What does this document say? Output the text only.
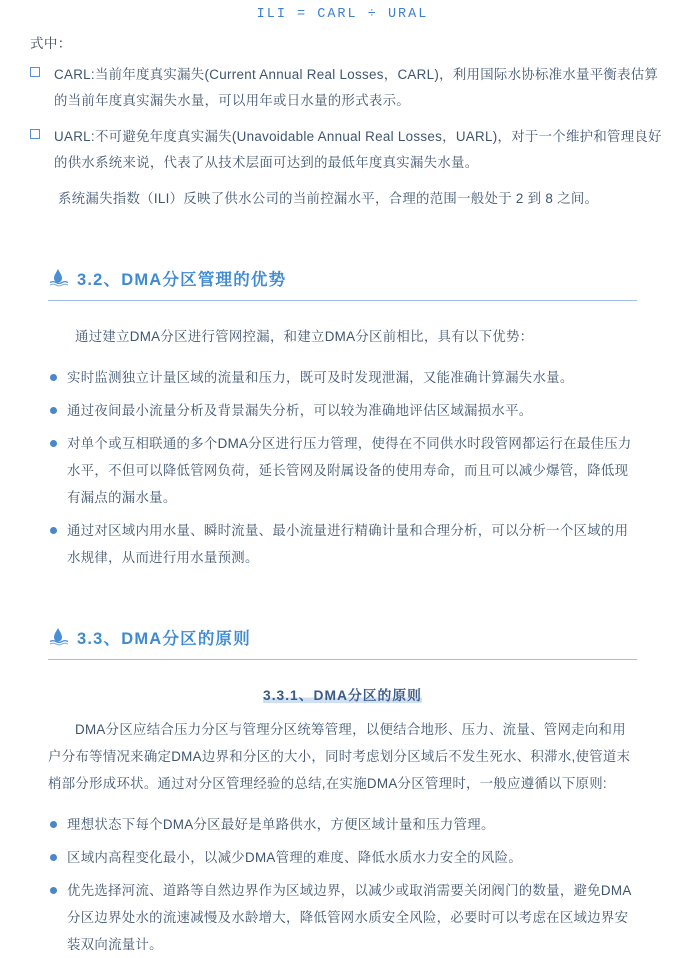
ILI = CARL ÷ URAL
式中：
CARL:当前年度真实漏失(Current Annual Real Losses，CARL)，利用国际水协标准水量平衡表估算的当前年度真实漏失水量，可以用年或日水量的形式表示。
UARL:不可避免年度真实漏失(Unavoidable Annual Real Losses，UARL)，对于一个维护和管理良好的供水系统来说，代表了从技术层面可达到的最低年度真实漏失水量。
系统漏失指数（ILI）反映了供水公司的当前控漏水平，合理的范围一般处于 2 到 8 之间。
3.2、DMA分区管理的优势
通过建立DMA分区进行管网控漏，和建立DMA分区前相比，具有以下优势：
实时监测独立计量区域的流量和压力，既可及时发现泄漏，又能准确计算漏失水量。
通过夜间最小流量分析及背景漏失分析，可以较为准确地评估区域漏损水平。
对单个或互相联通的多个DMA分区进行压力管理，使得在不同供水时段管网都运行在最佳压力水平，不但可以降低管网负荷，延长管网及附属设备的使用寿命，而且可以减少爆管，降低现有漏点的漏水量。
通过对区域内用水量、瞬时流量、最小流量进行精确计量和合理分析，可以分析一个区域的用水规律，从而进行用水量预测。
3.3、DMA分区的原则
3.3.1、DMA分区的原则
DMA分区应结合压力分区与管理分区统筹管理，以便结合地形、压力、流量、管网走向和用户分布等情况来确定DMA边界和分区的大小，同时考虑划分区域后不发生死水、积滞水,使管道末梢部分形成环状。通过对分区管理经验的总结,在实施DMA分区管理时，一般应遵循以下原则:
理想状态下每个DMA分区最好是单路供水，方便区域计量和压力管理。
区域内高程变化最小，以减少DMA管理的难度、降低水质水力安全的风险。
优先选择河流、道路等自然边界作为区域边界，以减少或取消需要关闭阀门的数量，避免DMA分区边界处水的流速减慢及水龄增大，降低管网水质安全风险，必要时可以考虑在区域边界安装双向流量计。
